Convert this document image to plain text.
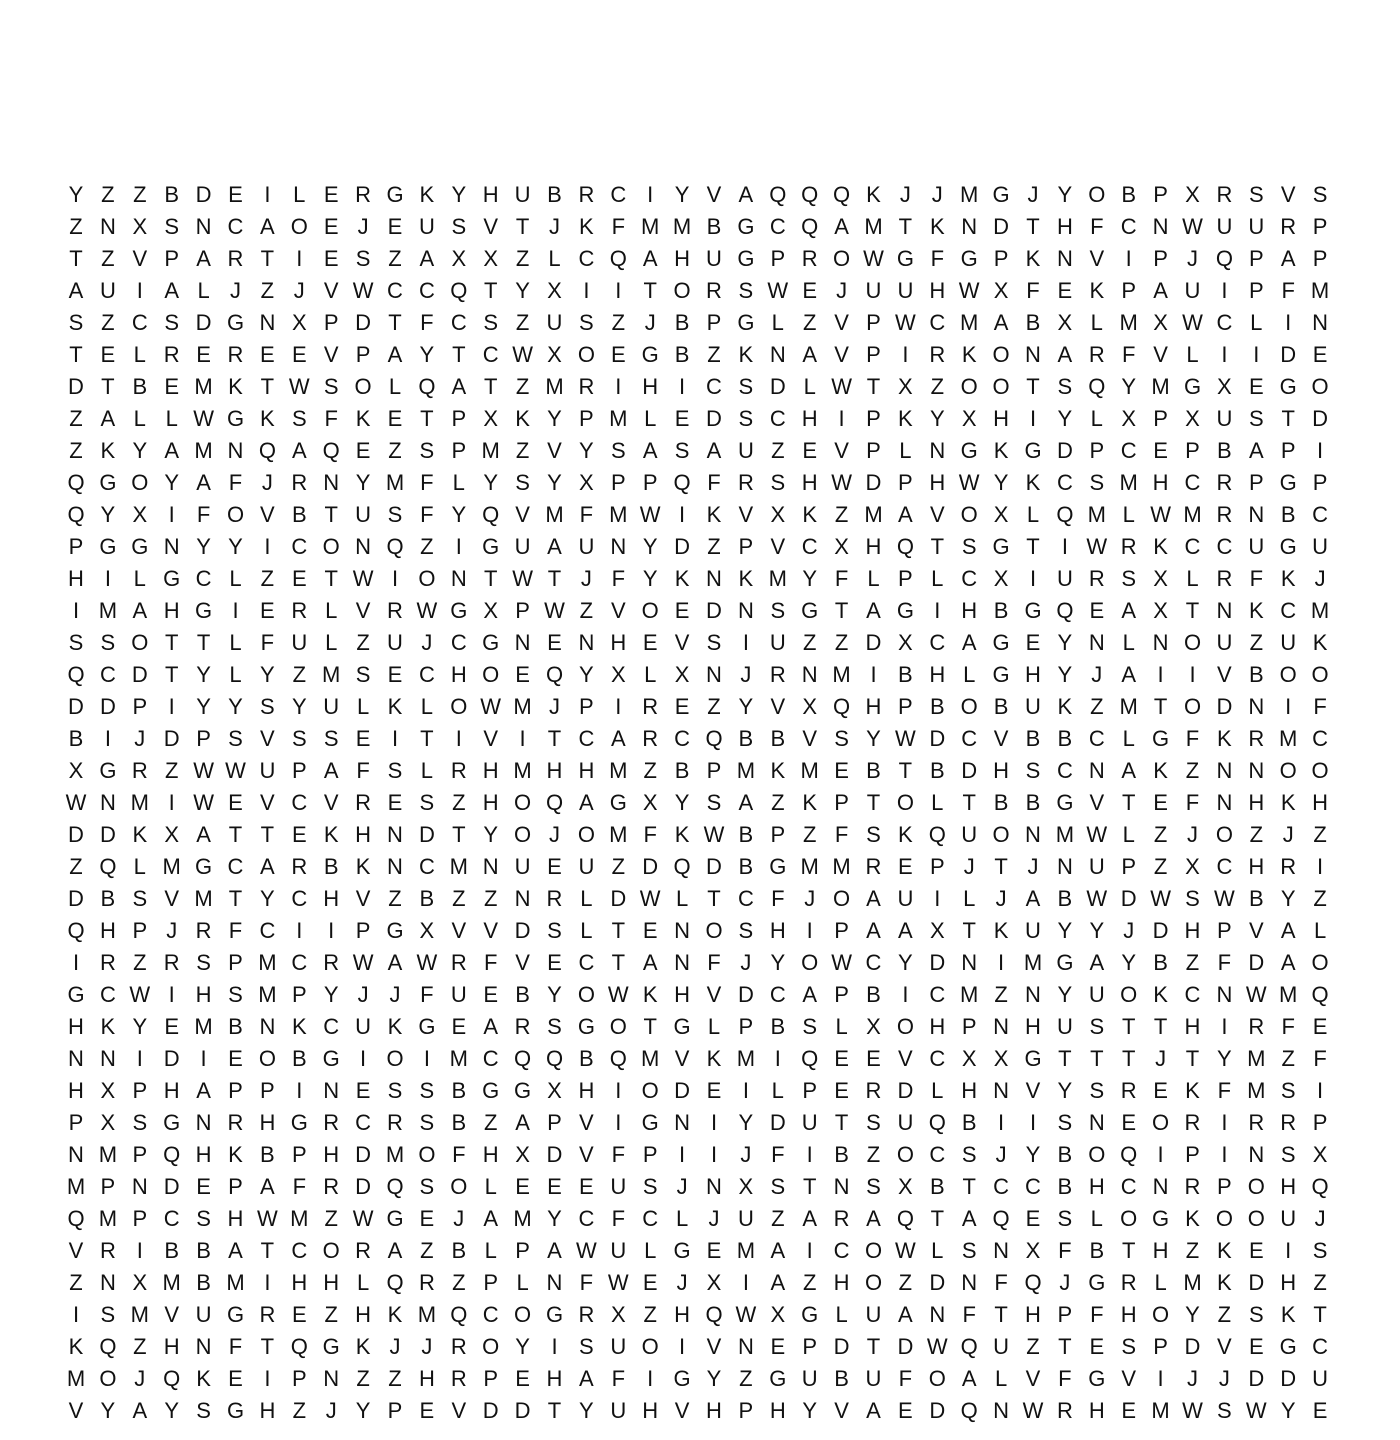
Y Z Z B D E I	L E R G K Y H U B R C I Y V A Q Q Q K J J M G J Y O B P X R S V S
Z N X S N C A O E J E U S V T J K F M M B G C Q A M T K N D T H F C N W U U R P
T Z V P A R T	I E S Z A X X Z L C Q A H U G P R O W G F G P K N V I P J Q P A P
A U I A L J Z J V W C C Q T Y X I	I	T O R S W E J U U H W X F E K P A U I P F M
S Z C S D G N X P D T F C S Z U S Z J B P G L Z V P W C M A B X L M X W C L	I N
T E L R E R E E V P A Y T C W X O E G B Z K N A V P I R K O N A R F V L	I	I D E
D T B E M K T W S O L Q A T Z M R I H I C S D L W T X Z O O T S Q Y M G X E G O
Z A L L W G K S F K E T P X K Y P M L E D S C H I P K Y X H I Y L X P X U S T D
Z K Y A M N Q A Q E Z S P M Z V Y S A S A U Z E V P L N G K G D P C E P B A P I
Q G O Y A F J R N Y M F L Y S Y X P P Q F R S H W D P H W Y K C S M H C R P G P
Q Y X I	F O V B T U S F Y Q V M F M W I K V X K Z M A V O X L Q M L W M R N B C
P G G N Y Y I C O N Q Z	I G U A U N Y D Z P V C X H Q T S G T	I W R K C C U G U
H I	L G C L Z E T W I O N T W T J F Y K N K M Y F L P L C X I U R S X L R F K J
I M A H G I E R L V R W G X P W Z V O E D N S G T A G I H B G Q E A X T N K C M
S S O T T L F U L Z U J C G N E N H E V S I U Z Z D X C A G E Y N L N O U Z U K
Q C D T Y L Y Z M S E C H O E Q Y X L X N J R N M I B H L G H Y J A I	I V B O O
D D P I Y Y S Y U L K L O W M J P I R E Z Y V X Q H P B O B U K Z M T O D N I	F
B I	J D P S V S S E I	T	I V I	T C A R C Q B B V S Y W D C V B B C L G F K R M C
X G R Z W W U P A F S L R H M H H M Z B P M K M E B T B D H S C N A K Z N N O O
W N M I W E V C V R E S Z H O Q A G X Y S A Z K P T O L T B B G V T E F N H K H
D D K X A T T E K H N D T Y O J O M F K W B P Z F S K Q U O N M W L Z J O Z J Z
Z Q L M G C A R B K N C M N U E U Z D Q D B G M M R E P J T J N U P Z X C H R I
D B S V M T Y C H V Z B Z Z N R L D W L T C F J O A U I	L J A B W D W S W B Y Z
Q H P J R F C I	I P G X V V D S L T E N O S H I P A A X T K U Y Y J D H P V A L
I R Z R S P M C R W A W R F V E C T A N F J Y O W C Y D N I M G A Y B Z F D A O
G C W I H S M P Y J J F U E B Y O W K H V D C A P B I C M Z N Y U O K C N W M Q
H K Y E M B N K C U K G E A R S G O T G L P B S L X O H P N H U S T T H I R F E
N N I D I E O B G I O I M C Q Q B Q M V K M I Q E E V C X X G T T T J T Y M Z F
H X P H A P P I N E S S B G G X H I O D E I	L P E R D L H N V Y S R E K F M S I
P X S G N R H G R C R S B Z A P V I G N I Y D U T S U Q B I	I S N E O R I R R P
N M P Q H K B P H D M O F H X D V F P I	I	J F	I B Z O C S J Y B O Q I P I N S X
M P N D E P A F R D Q S O L E E E U S J N X S T N S X B T C C B H C N R P O H Q
Q M P C S H W M Z W G E J A M Y C F C L J U Z A R A Q T A Q E S L O G K O O U J
V R I B B A T C O R A Z B L P A W U L G E M A I C O W L S N X F B T H Z K E I S
Z N X M B M I H H L Q R Z P L N F W E J X I A Z H O Z D N F Q J G R L M K D H Z
I S M V U G R E Z H K M Q C O G R X Z H Q W X G L U A N F T H P F H O Y Z S K T
K Q Z H N F T Q G K J J R O Y I S U O I V N E P D T D W Q U Z T E S P D V E G C
M O J Q K E I P N Z Z H R P E H A F	I G Y Z G U B U F O A L V F G V I	J J D D U
V Y A Y S G H Z J Y P E V D D T Y U H V H P H Y V A E D Q N W R H E M W S W Y E
